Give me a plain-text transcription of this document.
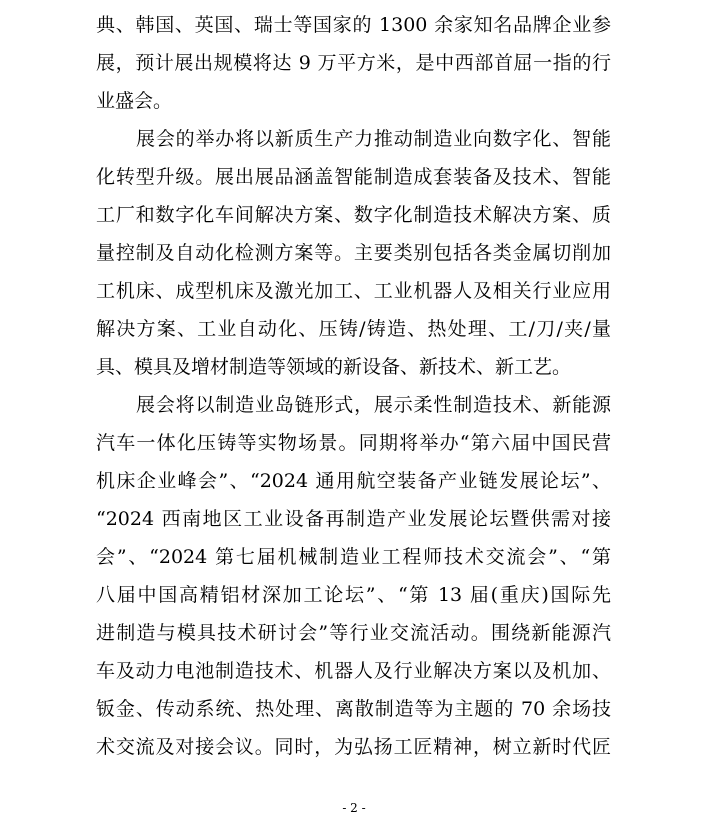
典、韩国、英国、瑞士等国家的 1300 余家知名品牌企业参
展，预计展出规模将达 9 万平方米，是中西部首屈一指的行
业盛会。
展会的举办将以新质生产力推动制造业向数字化、智能
化转型升级。展出展品涵盖智能制造成套装备及技术、智能
工厂和数字化车间解决方案、数字化制造技术解决方案、质
量控制及自动化检测方案等。主要类别包括各类金属切削加
工机床、成型机床及激光加工、工业机器人及相关行业应用
解决方案、工业自动化、压铸/铸造、热处理、工/刀/夹/量
具、模具及增材制造等领域的新设备、新技术、新工艺。
展会将以制造业岛链形式，展示柔性制造技术、新能源
汽车一体化压铸等实物场景。同期将举办“第六届中国民营
机床企业峰会”、“2024 通用航空装备产业链发展论坛”、
“2024 西南地区工业设备再制造产业发展论坛暨供需对接
会”、“2024 第七届机械制造业工程师技术交流会”、“第
八届中国高精铝材深加工论坛”、“第 13 届(重庆)国际先
进制造与模具技术研讨会”等行业交流活动。围绕新能源汽
车及动力电池制造技术、机器人及行业解决方案以及机加、
钣金、传动系统、热处理、离散制造等为主题的 70 余场技
术交流及对接会议。同时，为弘扬工匠精神，树立新时代匠
- 2 -
